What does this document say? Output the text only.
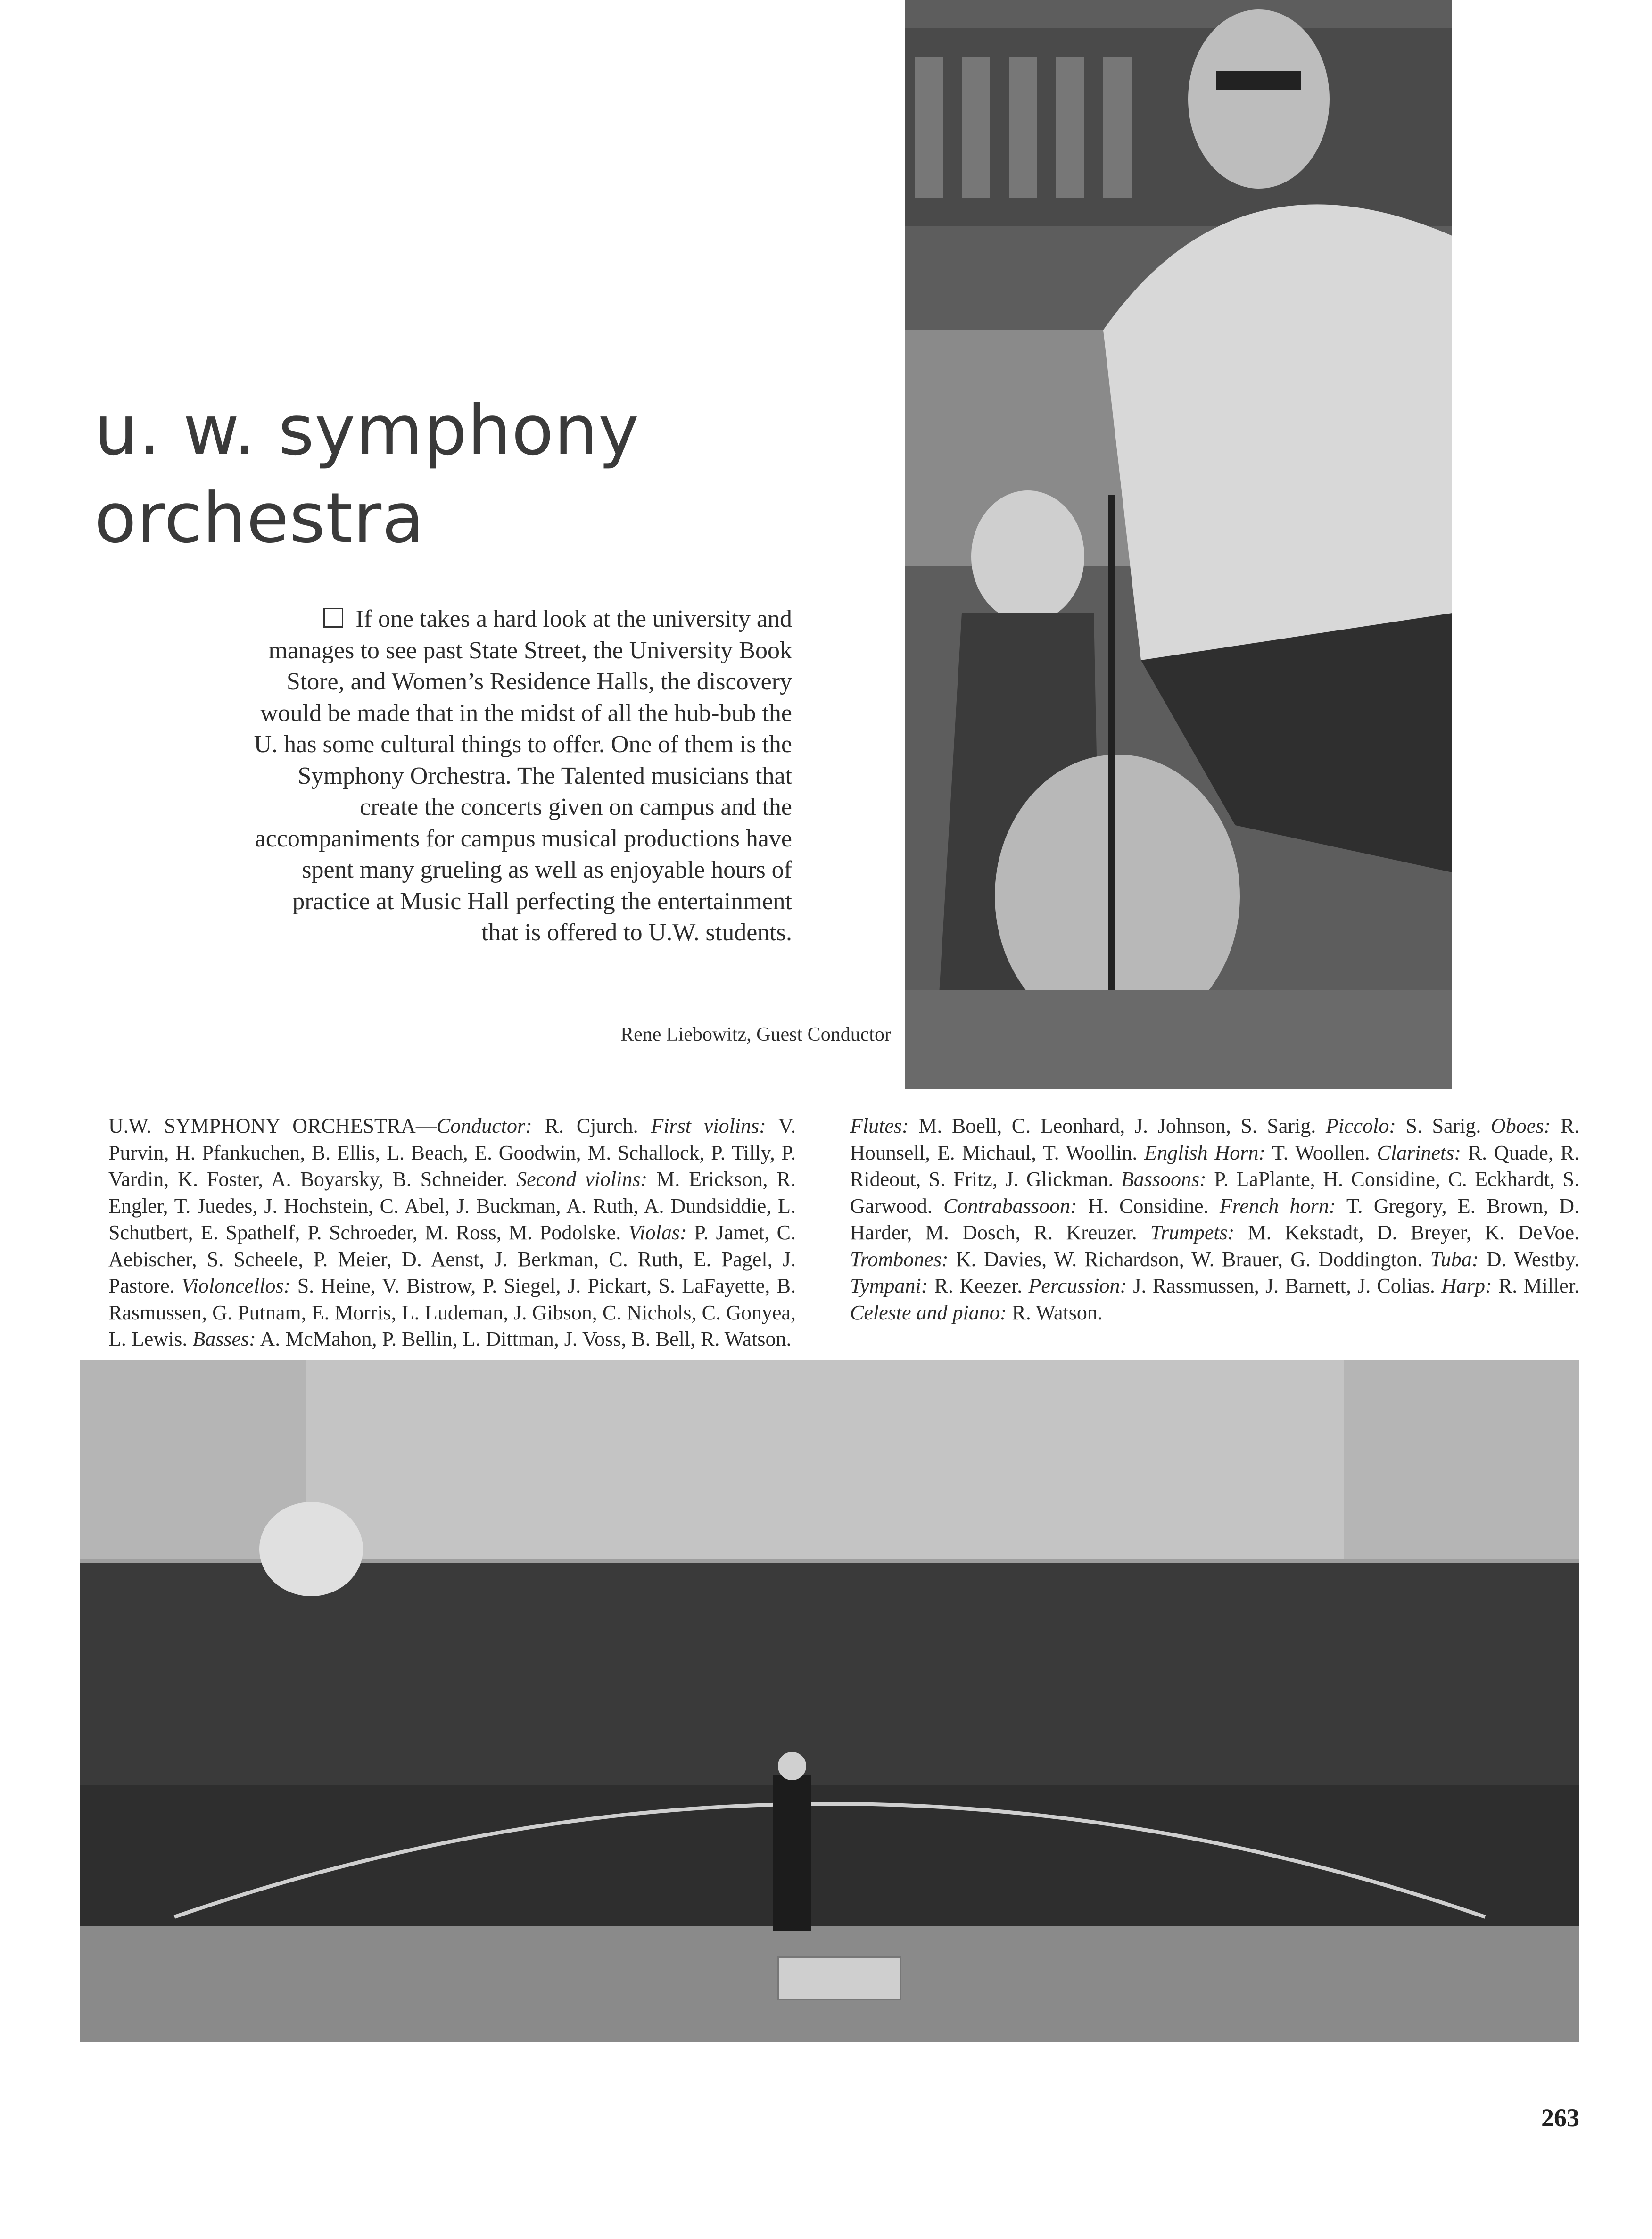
u. w. symphony
orchestra
If one takes a hard look at the university and
manages to see past State Street, the University Book
Store, and Women’s Residence Halls, the discovery
would be made that in the midst of all the hub-bub the
U. has some cultural things to offer. One of them is the
Symphony Orchestra. The Talented musicians that
create the concerts given on campus and the
accompaniments for campus musical productions have
spent many grueling as well as enjoyable hours of
practice at Music Hall perfecting the entertainment
that is offered to U.W. students.
Rene Liebowitz, Guest Conductor
U.W. SYMPHONY ORCHESTRA—Conductor: R. Cjurch. First violins: V. Purvin, H. Pfankuchen, B. Ellis, L. Beach, E. Goodwin, M. Schallock, P. Tilly, P. Vardin, K. Foster, A. Boyarsky, B. Schneider. Second violins: M. Erickson, R. Engler, T. Juedes, J. Hochstein, C. Abel, J. Buckman, A. Ruth, A. Dundsiddie, L. Schutbert, E. Spathelf, P. Schroeder, M. Ross, M. Podolske. Violas: P. Jamet, C. Aebischer, S. Scheele, P. Meier, D. Aenst, J. Berkman, C. Ruth, E. Pagel, J. Pastore. Violoncellos: S. Heine, V. Bistrow, P. Siegel, J. Pickart, S. LaFayette, B. Rasmussen, G. Putnam, E. Morris, L. Ludeman, J. Gibson, C. Nichols, C. Gonyea, L. Lewis. Basses: A. McMahon, P. Bellin, L. Dittman, J. Voss, B. Bell, R. Watson.
Flutes: M. Boell, C. Leonhard, J. Johnson, S. Sarig. Piccolo: S. Sarig. Oboes: R. Hounsell, E. Michaul, T. Woollin. English Horn: T. Woollen. Clarinets: R. Quade, R. Rideout, S. Fritz, J. Glickman. Bassoons: P. LaPlante, H. Considine, C. Eckhardt, S. Garwood. Contrabassoon: H. Considine. French horn: T. Gregory, E. Brown, D. Harder, M. Dosch, R. Kreuzer. Trumpets: M. Kekstadt, D. Breyer, K. DeVoe. Trombones: K. Davies, W. Richardson, W. Brauer, G. Doddington. Tuba: D. Westby. Tympani: R. Keezer. Percussion: J. Rassmussen, J. Barnett, J. Colias. Harp: R. Miller. Celeste and piano: R. Watson.
263
